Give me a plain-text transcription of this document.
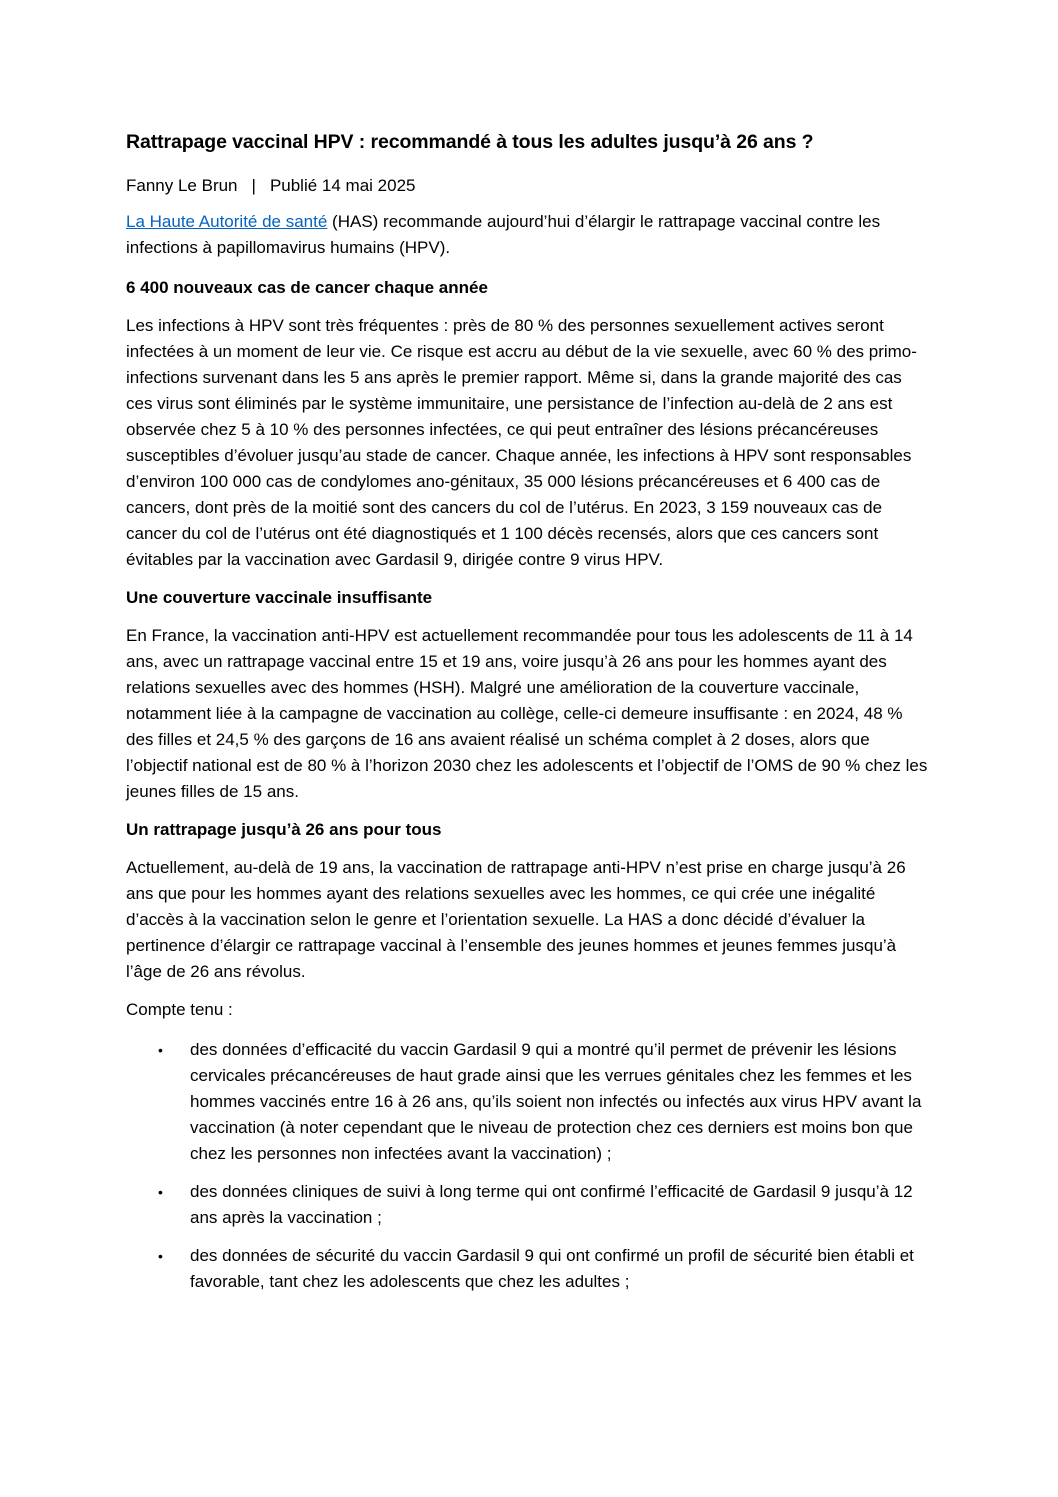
Rattrapage vaccinal HPV : recommandé à tous les adultes jusqu’à 26 ans ?
Fanny Le Brun | Publié 14 mai 2025

La Haute Autorité de santé (HAS) recommande aujourd’hui d’élargir le rattrapage vaccinal contre les infections à papillomavirus humains (HPV).

6 400 nouveaux cas de cancer chaque année

Les infections à HPV sont très fréquentes : près de 80 % des personnes sexuellement actives seront infectées à un moment de leur vie. Ce risque est accru au début de la vie sexuelle, avec 60 % des primo-infections survenant dans les 5 ans après le premier rapport. Même si, dans la grande majorité des cas ces virus sont éliminés par le système immunitaire, une persistance de l’infection au-delà de 2 ans est observée chez 5 à 10 % des personnes infectées, ce qui peut entraîner des lésions précancéreuses susceptibles d’évoluer jusqu’au stade de cancer. Chaque année, les infections à HPV sont responsables d’environ 100 000 cas de condylomes ano-génitaux, 35 000 lésions précancéreuses et 6 400 cas de cancers, dont près de la moitié sont des cancers du col de l’utérus. En 2023, 3 159 nouveaux cas de cancer du col de l’utérus ont été diagnostiqués et 1 100 décès recensés, alors que ces cancers sont évitables par la vaccination avec Gardasil 9, dirigée contre 9 virus HPV.

Une couverture vaccinale insuffisante

En France, la vaccination anti-HPV est actuellement recommandée pour tous les adolescents de 11 à 14 ans, avec un rattrapage vaccinal entre 15 et 19 ans, voire jusqu’à 26 ans pour les hommes ayant des relations sexuelles avec des hommes (HSH). Malgré une amélioration de la couverture vaccinale, notamment liée à la campagne de vaccination au collège, celle-ci demeure insuffisante : en 2024, 48 % des filles et 24,5 % des garçons de 16 ans avaient réalisé un schéma complet à 2 doses, alors que l’objectif national est de 80 % à l’horizon 2030 chez les adolescents et l’objectif de l’OMS de 90 % chez les jeunes filles de 15 ans.

Un rattrapage jusqu’à 26 ans pour tous

Actuellement, au-delà de 19 ans, la vaccination de rattrapage anti-HPV n’est prise en charge jusqu’à 26 ans que pour les hommes ayant des relations sexuelles avec les hommes, ce qui crée une inégalité d’accès à la vaccination selon le genre et l’orientation sexuelle. La HAS a donc décidé d’évaluer la pertinence d’élargir ce rattrapage vaccinal à l’ensemble des jeunes hommes et jeunes femmes jusqu’à l’âge de 26 ans révolus.

Compte tenu :

• des données d’efficacité du vaccin Gardasil 9 qui a montré qu’il permet de prévenir les lésions cervicales précancéreuses de haut grade ainsi que les verrues génitales chez les femmes et les hommes vaccinés entre 16 à 26 ans, qu’ils soient non infectés ou infectés aux virus HPV avant la vaccination (à noter cependant que le niveau de protection chez ces derniers est moins bon que chez les personnes non infectées avant la vaccination) ;
• des données cliniques de suivi à long terme qui ont confirmé l’efficacité de Gardasil 9 jusqu’à 12 ans après la vaccination ;
• des données de sécurité du vaccin Gardasil 9 qui ont confirmé un profil de sécurité bien établi et favorable, tant chez les adolescents que chez les adultes ;
